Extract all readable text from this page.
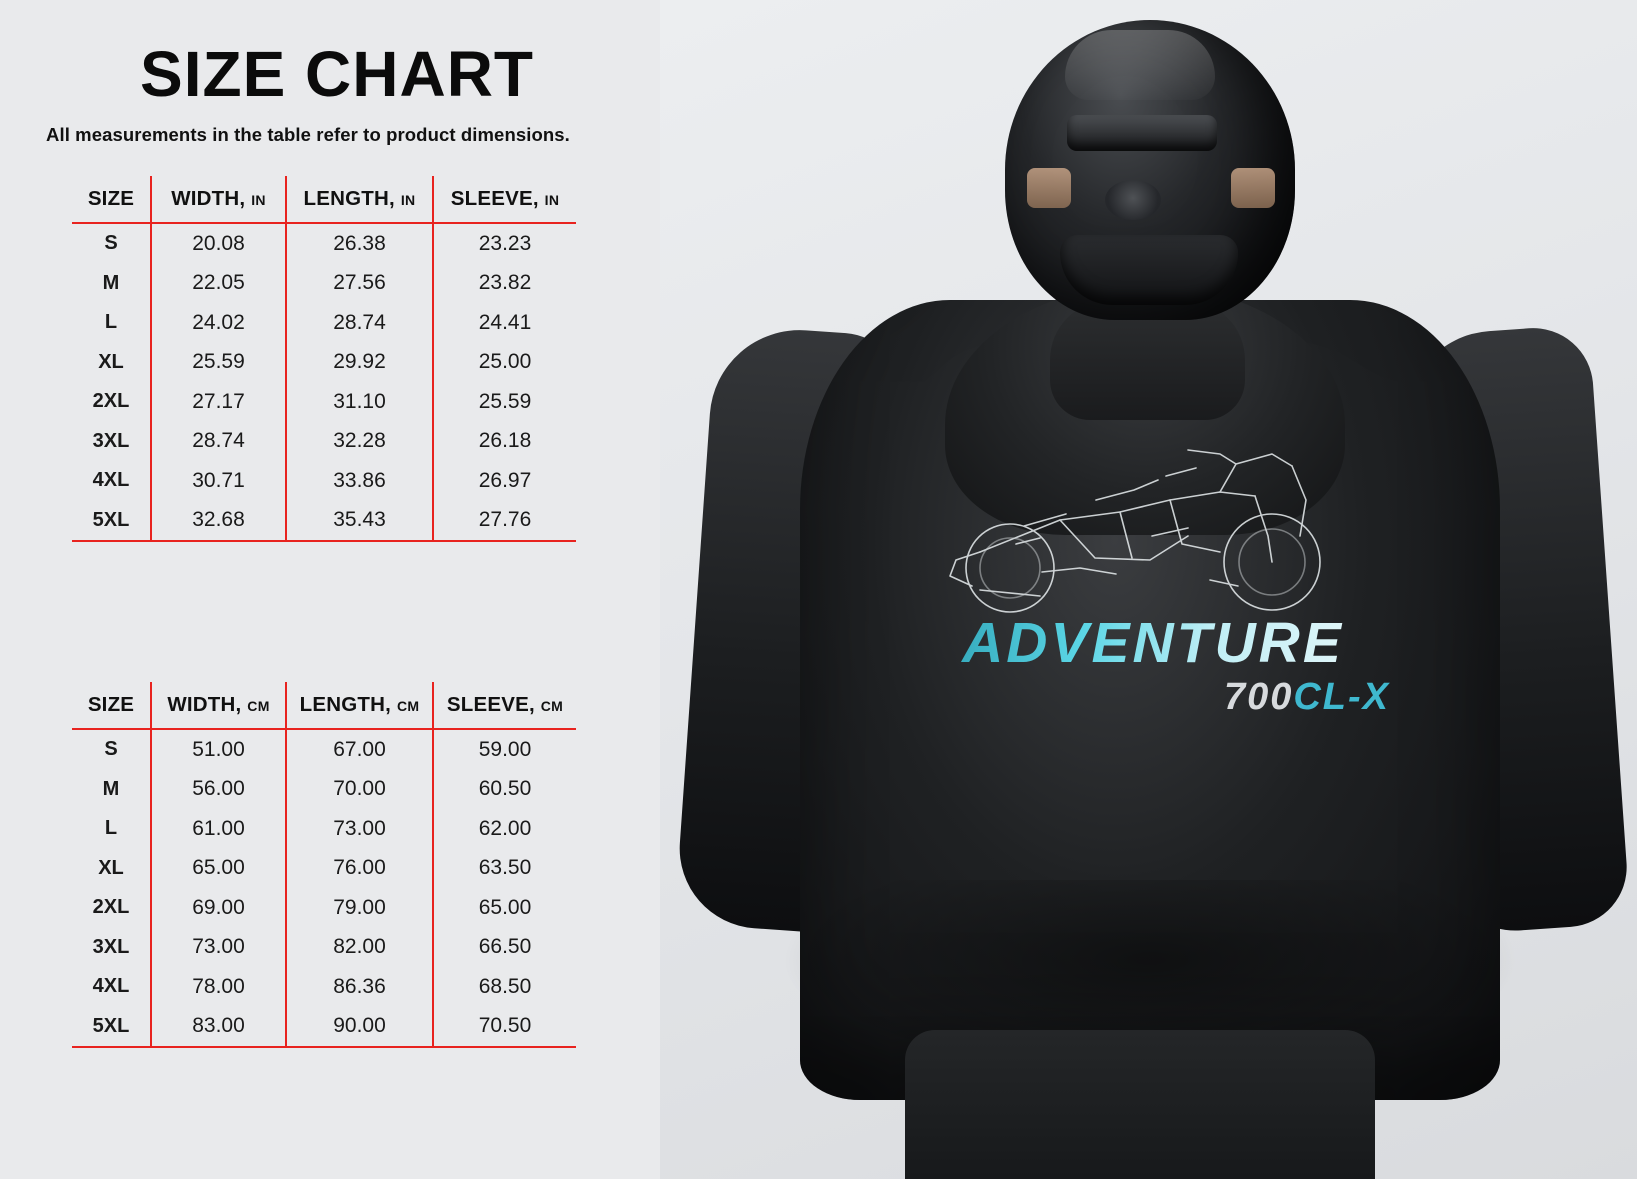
SIZE CHART
All measurements in the table refer to product dimensions.
SIZE	WIDTH, IN	LENGTH, IN	SLEEVE, IN
S	20.08	26.38	23.23
M	22.05	27.56	23.82
L	24.02	28.74	24.41
XL	25.59	29.92	25.00
2XL	27.17	31.10	25.59
3XL	28.74	32.28	26.18
4XL	30.71	33.86	26.97
5XL	32.68	35.43	27.76
SIZE	WIDTH, CM	LENGTH, CM	SLEEVE, CM
S	51.00	67.00	59.00
M	56.00	70.00	60.50
L	61.00	73.00	62.00
XL	65.00	76.00	63.50
2XL	69.00	79.00	65.00
3XL	73.00	82.00	66.50
4XL	78.00	86.36	68.50
5XL	83.00	90.00	70.50
ADVENTURE
700CL-X
